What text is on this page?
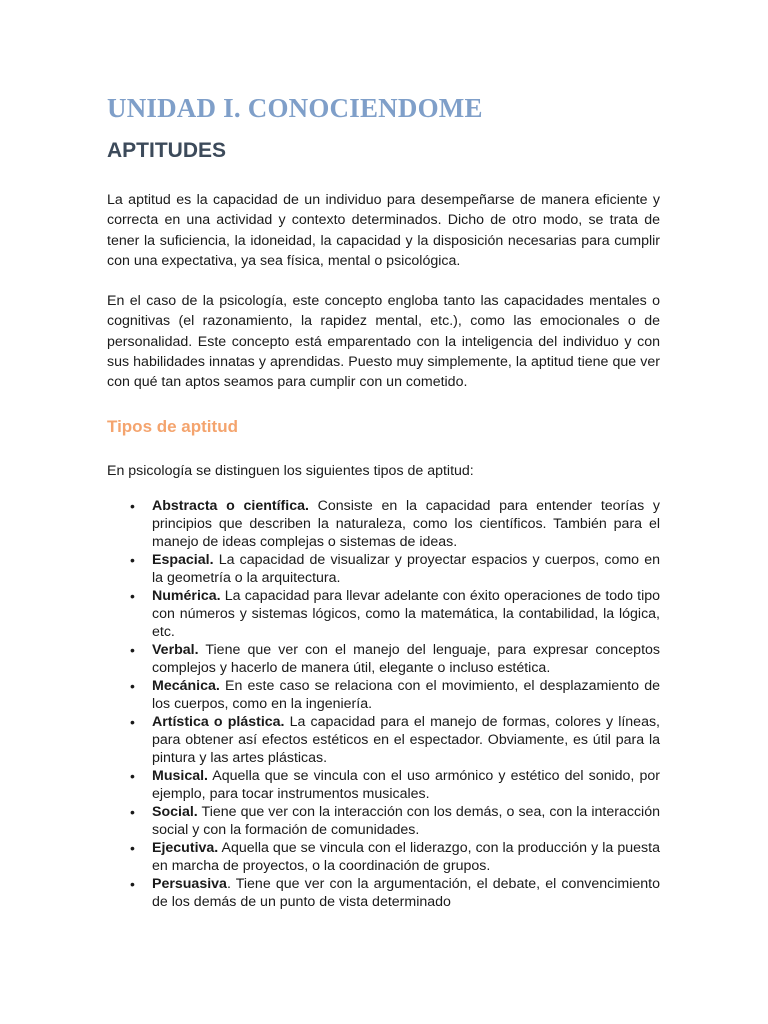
UNIDAD I. CONOCIENDOME
APTITUDES

La aptitud es la capacidad de un individuo para desempeñarse de manera eficiente y correcta en una actividad y contexto determinados. Dicho de otro modo, se trata de tener la suficiencia, la idoneidad, la capacidad y la disposición necesarias para cumplir con una expectativa, ya sea física, mental o psicológica.

En el caso de la psicología, este concepto engloba tanto las capacidades mentales o cognitivas (el razonamiento, la rapidez mental, etc.), como las emocionales o de personalidad. Este concepto está emparentado con la inteligencia del individuo y con sus habilidades innatas y aprendidas. Puesto muy simplemente, la aptitud tiene que ver con qué tan aptos seamos para cumplir con un cometido.

Tipos de aptitud

En psicología se distinguen los siguientes tipos de aptitud:

• Abstracta o científica. Consiste en la capacidad para entender teorías y principios que describen la naturaleza, como los científicos. También para el manejo de ideas complejas o sistemas de ideas.
• Espacial. La capacidad de visualizar y proyectar espacios y cuerpos, como en la geometría o la arquitectura.
• Numérica. La capacidad para llevar adelante con éxito operaciones de todo tipo con números y sistemas lógicos, como la matemática, la contabilidad, la lógica, etc.
• Verbal. Tiene que ver con el manejo del lenguaje, para expresar conceptos complejos y hacerlo de manera útil, elegante o incluso estética.
• Mecánica. En este caso se relaciona con el movimiento, el desplazamiento de los cuerpos, como en la ingeniería.
• Artística o plástica. La capacidad para el manejo de formas, colores y líneas, para obtener así efectos estéticos en el espectador. Obviamente, es útil para la pintura y las artes plásticas.
• Musical. Aquella que se vincula con el uso armónico y estético del sonido, por ejemplo, para tocar instrumentos musicales.
• Social. Tiene que ver con la interacción con los demás, o sea, con la interacción social y con la formación de comunidades.
• Ejecutiva. Aquella que se vincula con el liderazgo, con la producción y la puesta en marcha de proyectos, o la coordinación de grupos.
• Persuasiva. Tiene que ver con la argumentación, el debate, el convencimiento de los demás de un punto de vista determinado
